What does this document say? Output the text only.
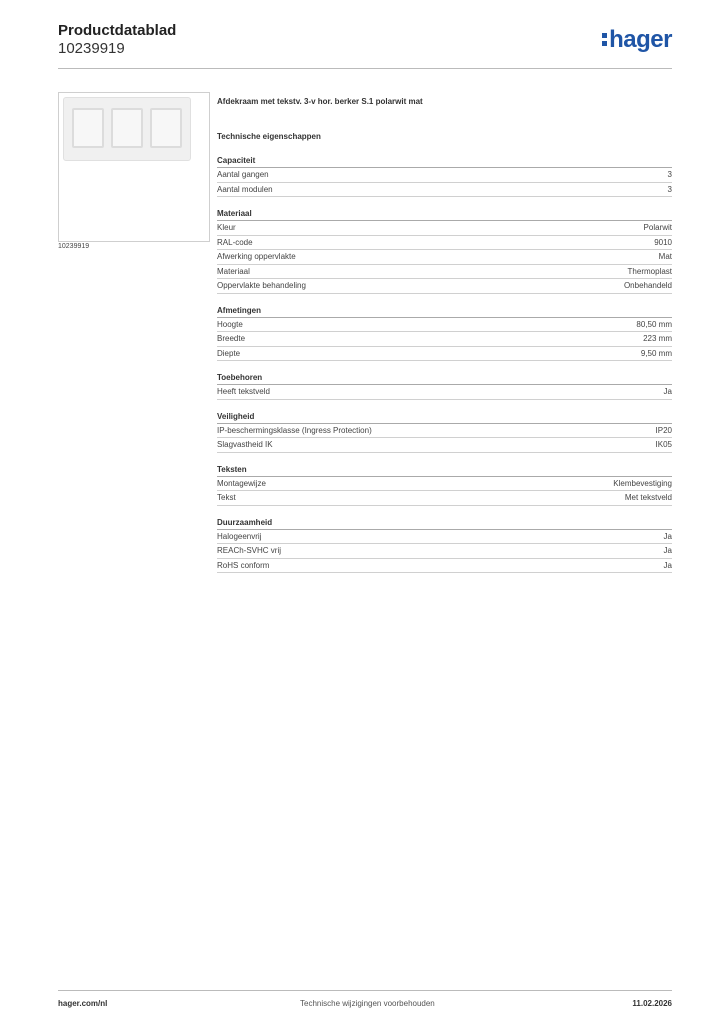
Productdatablad
10239919	hager
10239919
Afdekraam met tekstv. 3-v hor. berker S.1 polarwit mat
Technische eigenschappen
Capaciteit
Aantal gangen	3
Aantal modulen	3
Materiaal
Kleur	Polarwit
RAL-code	9010
Afwerking oppervlakte	Mat
Materiaal	Thermoplast
Oppervlakte behandeling	Onbehandeld
Afmetingen
Hoogte	80,50 mm
Breedte	223 mm
Diepte	9,50 mm
Toebehoren
Heeft tekstveld	Ja
Veiligheid
IP-beschermingsklasse (Ingress Protection)	IP20
Slagvastheid IK	IK05
Teksten
Montagewijze	Klembevestiging
Tekst	Met tekstveld
Duurzaamheid
Halogeenvrij	Ja
REACh-SVHC vrij	Ja
RoHS conform	Ja
hager.com/nl	Technische wijzigingen voorbehouden	11.02.2026
